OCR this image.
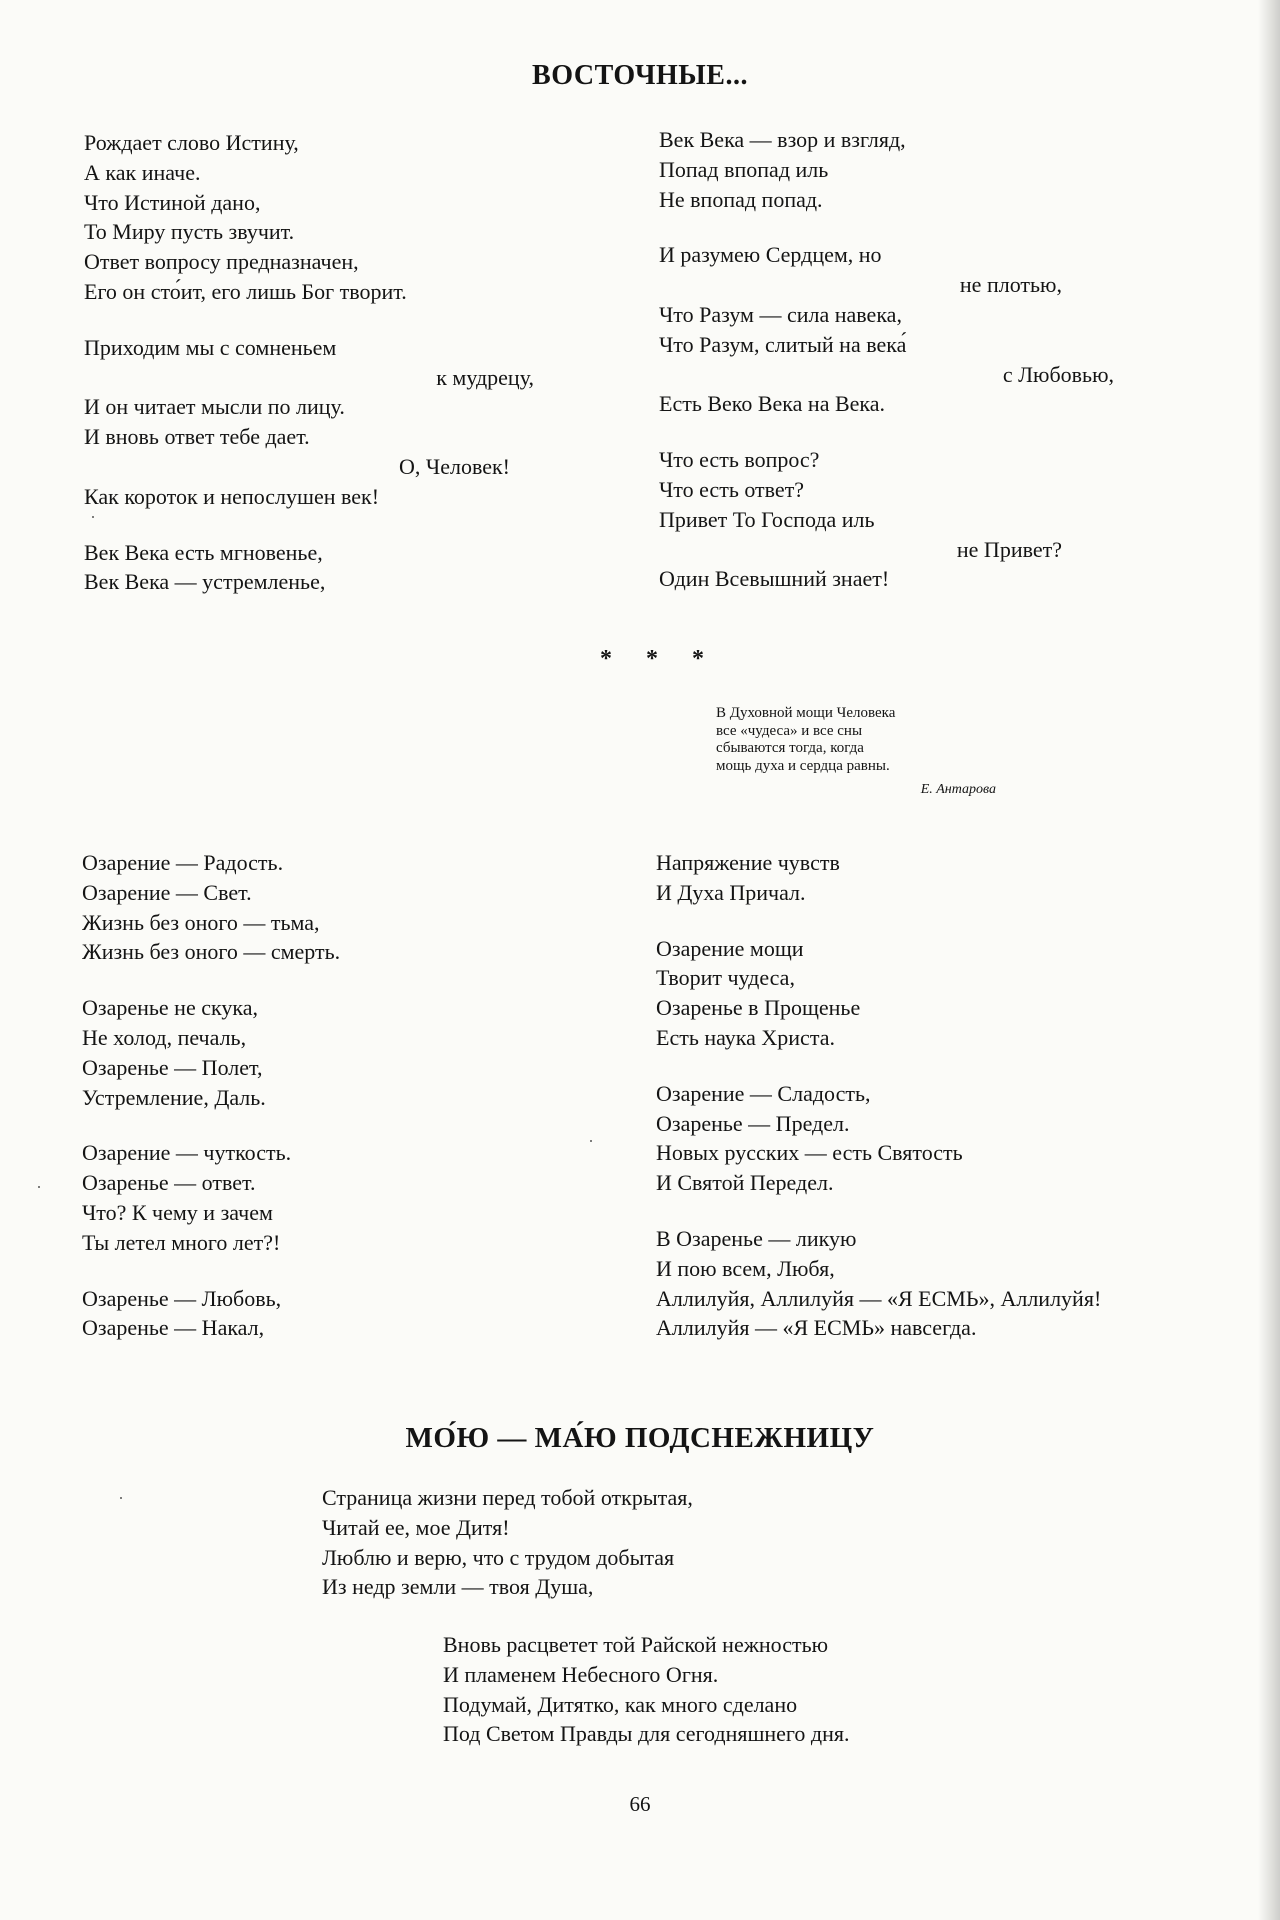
ВОСТОЧНЫЕ...
Рождает слово Истину,
А как иначе.
Что Истиной дано,
То Миру пусть звучит.
Ответ вопросу предназначен,
Его он сто́ит, его лишь Бог творит.
Приходим мы с сомненьем
к мудрецу,
И он читает мысли по лицу.
И вновь ответ тебе дает.
О, Человек!
Как короток и непослушен век!
Век Века есть мгновенье,
Век Века — устремленье,
Век Века — взор и взгляд,
Попад впопад иль
Не впопад попад.
И разумею Сердцем, но
не плотью,
Что Разум — сила навека,
Что Разум, слитый на века́
с Любовью,
Есть Веко Века на Века.
Что есть вопрос?
Что есть ответ?
Привет То Господа иль
не Привет?
Один Всевышний знает!
* * *
В Духовной мощи Человека
все «чудеса» и все сны
сбываются тогда, когда
мощь духа и сердца равны.
Е. Антарова
Озарение — Радость.
Озарение — Свет.
Жизнь без оного — тьма,
Жизнь без оного — смерть.
Озаренье не скука,
Не холод, печаль,
Озаренье — Полет,
Устремление, Даль.
Озарение — чуткость.
Озаренье — ответ.
Что? К чему и зачем
Ты летел много лет?!
Озаренье — Любовь,
Озаренье — Накал,
Напряжение чувств
И Духа Причал.
Озарение мощи
Творит чудеса,
Озаренье в Прощенье
Есть наука Христа.
Озарение — Сладость,
Озаренье — Предел.
Новых русских — есть Святость
И Святой Передел.
В Озаренье — ликую
И пою всем, Любя,
Аллилуйя, Аллилуйя — «Я ЕСМЬ», Аллилуйя!
Аллилуйя — «Я ЕСМЬ» навсегда.
МО́Ю — МА́Ю ПОДСНЕЖНИЦУ
Страница жизни перед тобой открытая,
Читай ее, мое Дитя!
Люблю и верю, что с трудом добытая
Из недр земли — твоя Душа,
Вновь расцветет той Райской нежностью
И пламенем Небесного Огня.
Подумай, Дитятко, как много сделано
Под Светом Правды для сегодняшнего дня.
66
